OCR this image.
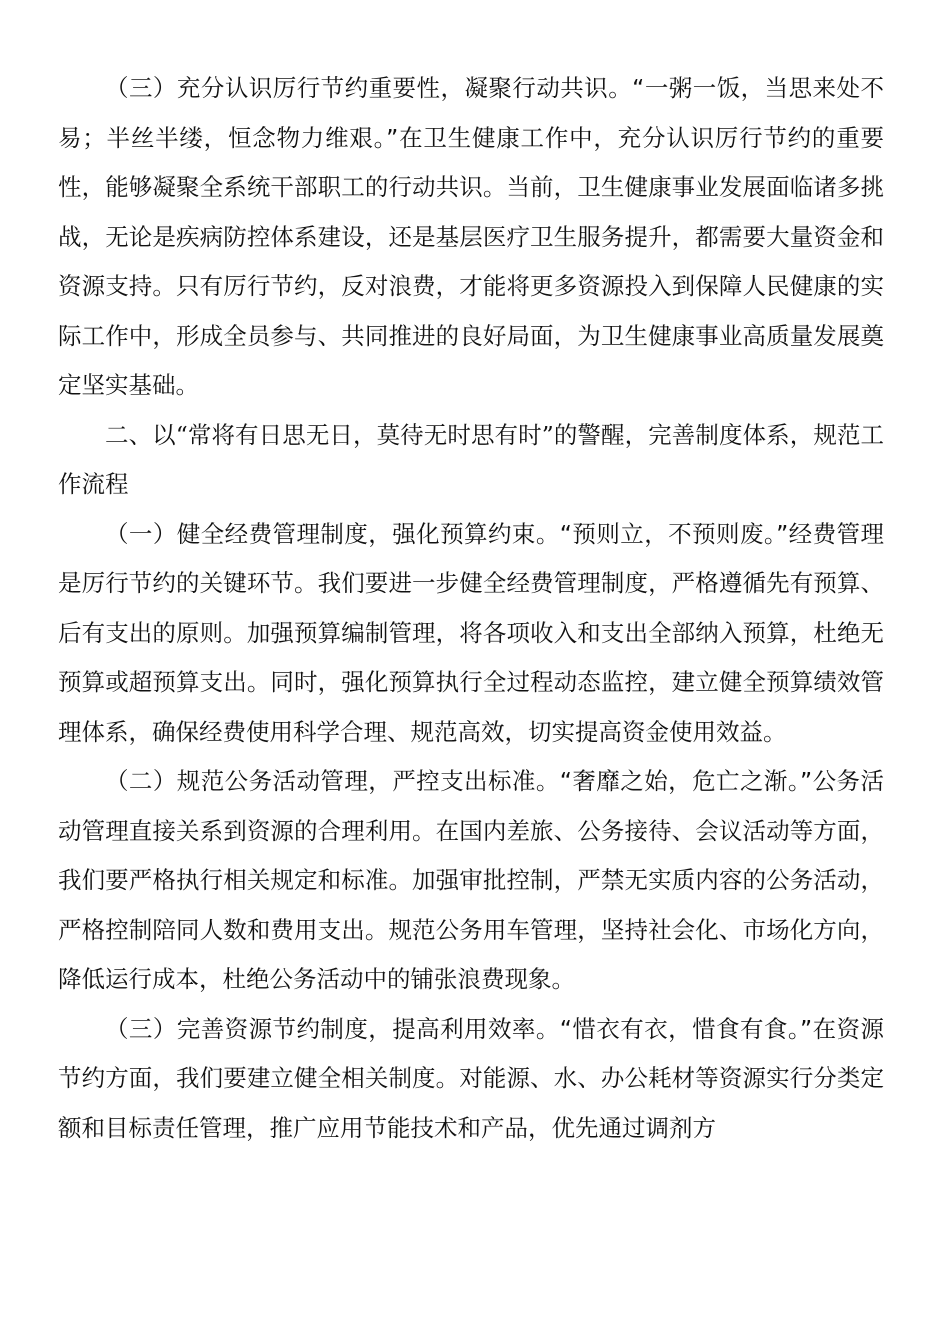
（三）充分认识厉行节约重要性，凝聚行动共识。“一粥一饭，当思来处不易；半丝半缕，恒念物力维艰。”在卫生健康工作中，充分认识厉行节约的重要性，能够凝聚全系统干部职工的行动共识。当前，卫生健康事业发展面临诸多挑战，无论是疾病防控体系建设，还是基层医疗卫生服务提升，都需要大量资金和资源支持。只有厉行节约，反对浪费，才能将更多资源投入到保障人民健康的实际工作中，形成全员参与、共同推进的良好局面，为卫生健康事业高质量发展奠定坚实基础。

二、以“常将有日思无日，莫待无时思有时”的警醒，完善制度体系，规范工作流程

（一）健全经费管理制度，强化预算约束。“预则立，不预则废。”经费管理是厉行节约的关键环节。我们要进一步健全经费管理制度，严格遵循先有预算、后有支出的原则。加强预算编制管理，将各项收入和支出全部纳入预算，杜绝无预算或超预算支出。同时，强化预算执行全过程动态监控，建立健全预算绩效管理体系，确保经费使用科学合理、规范高效，切实提高资金使用效益。

（二）规范公务活动管理，严控支出标准。“奢靡之始，危亡之渐。”公务活动管理直接关系到资源的合理利用。在国内差旅、公务接待、会议活动等方面，我们要严格执行相关规定和标准。加强审批控制，严禁无实质内容的公务活动，严格控制陪同人数和费用支出。规范公务用车管理，坚持社会化、市场化方向，降低运行成本，杜绝公务活动中的铺张浪费现象。

（三）完善资源节约制度，提高利用效率。“惜衣有衣，惜食有食。”在资源节约方面，我们要建立健全相关制度。对能源、水、办公耗材等资源实行分类定额和目标责任管理，推广应用节能技术和产品，优先通过调剂方
